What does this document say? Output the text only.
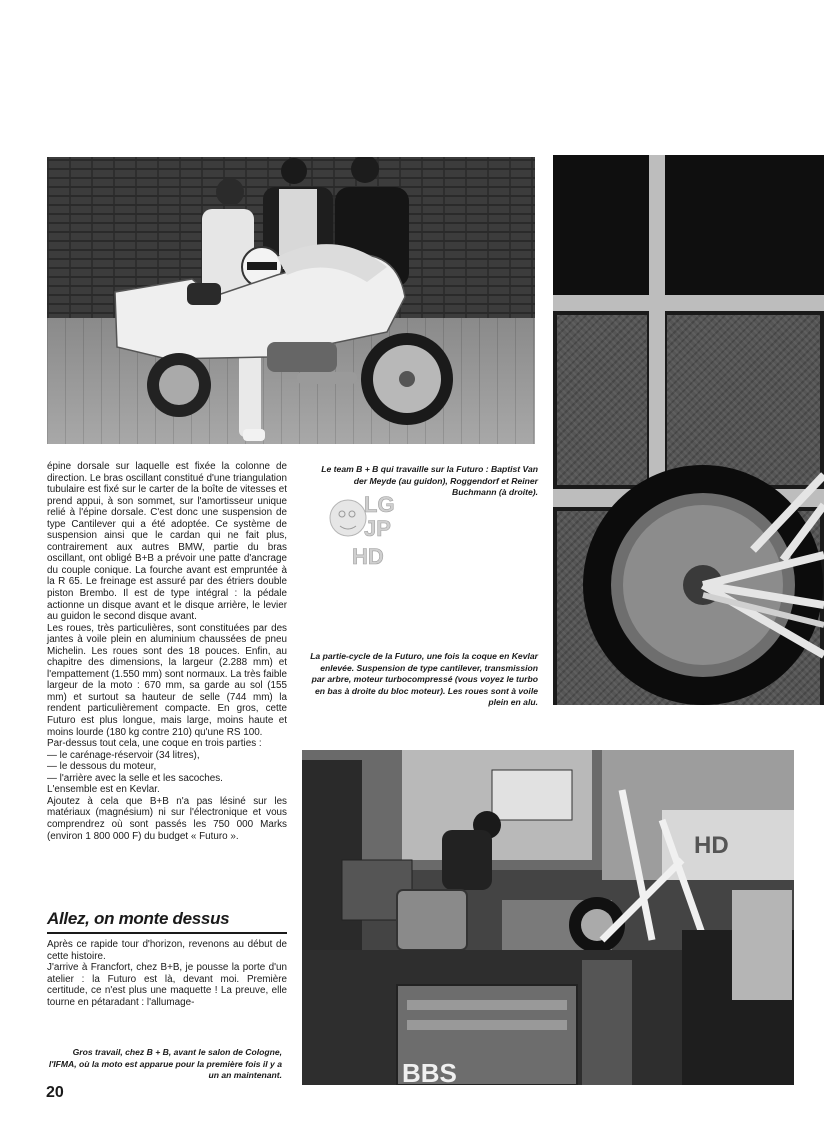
HD
BBS
Le team B + B qui travaille sur la Futuro : Baptist Van der Meyde (au guidon), Roggendorf et Reiner Buchmann (à droite).
La partie-cycle de la Futuro, une fois la coque en Kevlar enlevée. Suspension de type cantilever, transmission par arbre, moteur turbocompressé (vous voyez le turbo en bas à droite du bloc moteur). Les roues sont à voile plein en alu.
Gros travail, chez B + B, avant le salon de Cologne, l'IFMA, où la moto est apparue pour la première fois il y a un an maintenant.
LG
JP
HD

épine dorsale sur laquelle est fixée la colonne de direction. Le bras oscillant constitué d'une triangulation tubulaire est fixé sur le carter de la boîte de vitesses et prend appui, à son sommet, sur l'amortisseur unique relié à l'épine dorsale. C'est donc une suspension de type Cantilever qui a été adoptée. Ce système de suspension ainsi que le cardan qui ne fait plus, contrairement aux autres BMW, partie du bras oscillant, ont obligé B+B a prévoir une patte d'ancrage du couple conique. La fourche avant est empruntée à la R 65. Le freinage est assuré par des étriers double piston Brembo. Il est de type intégral : la pédale actionne un disque avant et le disque arrière, le levier au guidon le second disque avant.

Les roues, très particulières, sont constituées par des jantes à voile plein en aluminium chaussées de pneu Michelin. Les roues sont des 18 pouces. Enfin, au chapitre des dimensions, la largeur (2.288 mm) et l'empattement (1.550 mm) sont normaux. La très faible largeur de la moto : 670 mm, sa garde au sol (155 mm) et surtout sa hauteur de selle (744 mm) la rendent particulièrement compacte. En gros, cette Futuro est plus longue, mais large, moins haute et moins lourde (180 kg contre 210) qu'une RS 100.

Par-dessus tout cela, une coque en trois parties :

— le carénage-réservoir (34 litres),
— le dessous du moteur,
— l'arrière avec la selle et les sacoches.

L'ensemble est en Kevlar.

Ajoutez à cela que B+B n'a pas lésiné sur les matériaux (magnésium) ni sur l'électronique et vous comprendrez où sont passés les 750 000 Marks (environ 1 800 000 F) du budget « Futuro ».

Allez, on monte dessus

Après ce rapide tour d'horizon, revenons au début de cette histoire.

J'arrive à Francfort, chez B+B, je pousse la porte d'un atelier : la Futuro est là, devant moi. Première certitude, ce n'est plus une maquette ! La preuve, elle tourne en pétaradant : l'allumage-

20
